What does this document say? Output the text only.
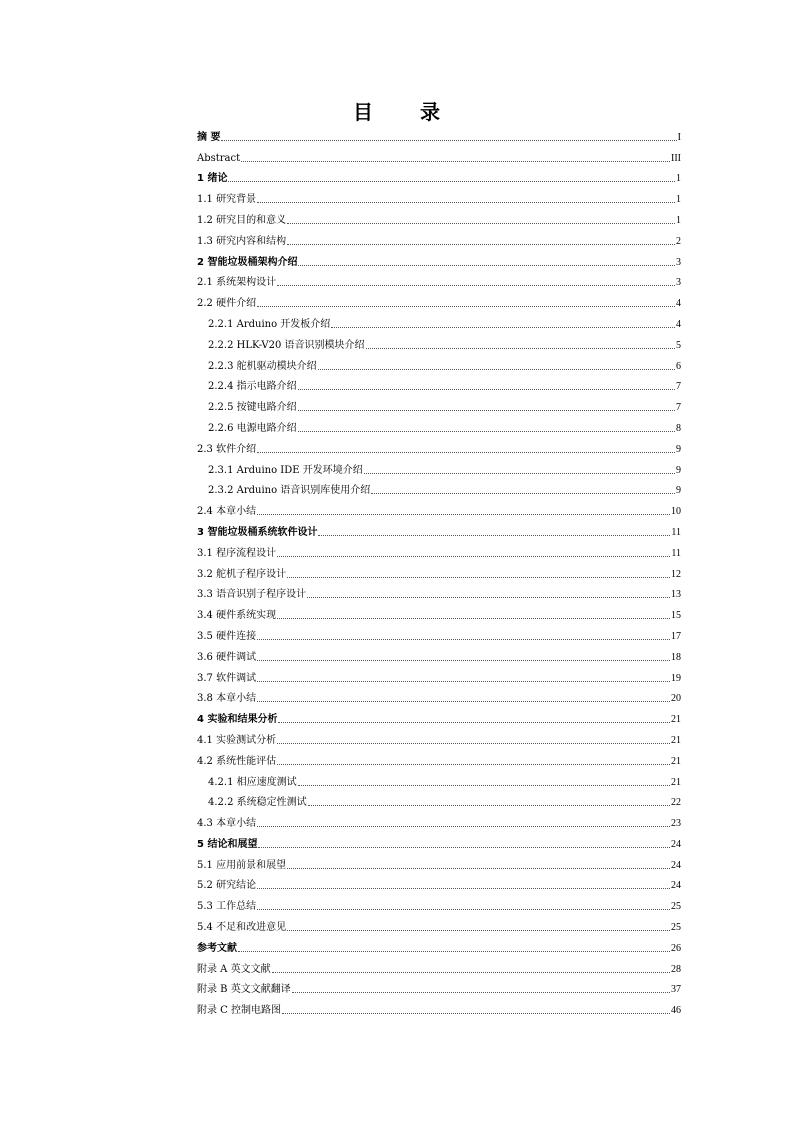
目 录
摘 要	I
Abstract	III
1 绪论	1
1.1 研究背景	1
1.2 研究目的和意义	1
1.3 研究内容和结构	2
2 智能垃圾桶架构介绍	3
2.1 系统架构设计	3
2.2 硬件介绍	4
2.2.1 Arduino 开发板介绍	4
2.2.2 HLK-V20 语音识别模块介绍	5
2.2.3 舵机驱动模块介绍	6
2.2.4 指示电路介绍	7
2.2.5 按键电路介绍	7
2.2.6 电源电路介绍	8
2.3 软件介绍	9
2.3.1 Arduino IDE 开发环境介绍	9
2.3.2 Arduino 语音识别库使用介绍	9
2.4 本章小结	10
3 智能垃圾桶系统软件设计	11
3.1 程序流程设计	11
3.2 舵机子程序设计	12
3.3 语音识别子程序设计	13
3.4 硬件系统实现	15
3.5 硬件连接	17
3.6 硬件调试	18
3.7 软件调试	19
3.8 本章小结	20
4 实验和结果分析	21
4.1 实验测试分析	21
4.2 系统性能评估	21
4.2.1 相应速度测试	21
4.2.2 系统稳定性测试	22
4.3 本章小结	23
5 结论和展望	24
5.1 应用前景和展望	24
5.2 研究结论	24
5.3 工作总结	25
5.4 不足和改进意见	25
参考文献	26
附录 A 英文文献	28
附录 B 英文文献翻译	37
附录 C 控制电路图	46
